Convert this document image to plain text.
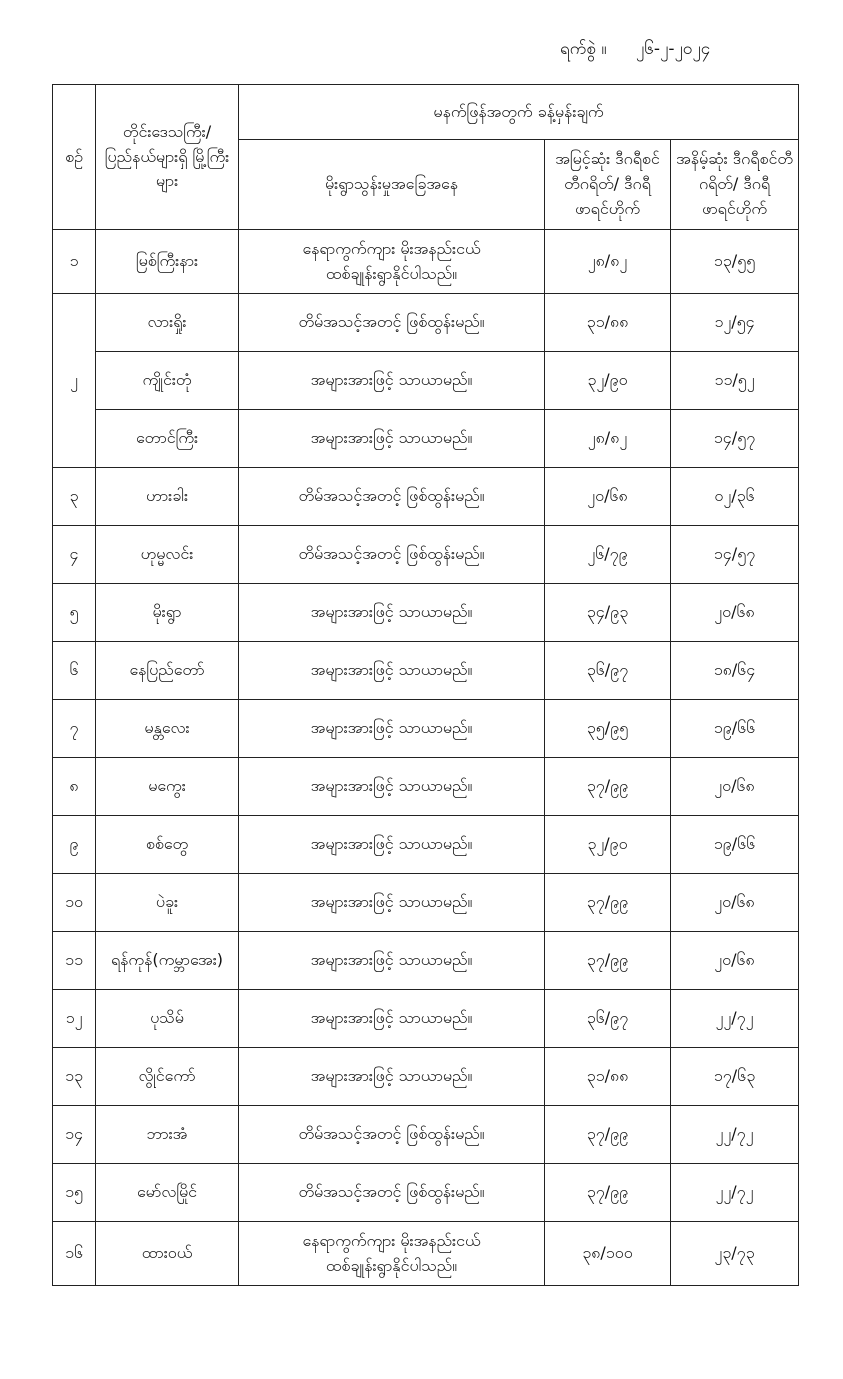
ရက်စွဲ ။ ၂၆-၂-၂၀၂၄
စဉ်	တိုင်းဒေသကြီး/ ပြည်နယ်များရှိ မြို့ကြီးများ	မနက်ဖြန်အတွက် ခန့်မှန်းချက်		
		မိုးရွာသွန်းမှုအခြေအနေ	အမြင့်ဆုံး ဒီဂရီစင်တီဂရိတ်/ ဒီဂရီဖာရင်ဟိုက်	အနိမ့်ဆုံး ဒီဂရီစင်တီဂရိတ်/ ဒီဂရီဖာရင်ဟိုက်
၁	မြစ်ကြီးနား	နေရာကွက်ကျား မိုးအနည်းငယ်
ထစ်ချုန်းရွာနိုင်ပါသည်။	၂၈/၈၂	၁၃/၅၅
၂	လားရှိုး	တိမ်အသင့်အတင့် ဖြစ်ထွန်းမည်။	၃၁/၈၈	၁၂/၅၄
	ကျိုင်းတုံ	အများအားဖြင့် သာယာမည်။	၃၂/၉၀	၁၁/၅၂
	တောင်ကြီး	အများအားဖြင့် သာယာမည်။	၂၈/၈၂	၁၄/၅၇
၃	ဟားခါး	တိမ်အသင့်အတင့် ဖြစ်ထွန်းမည်။	၂၀/၆၈	၀၂/၃၆
၄	ဟုမ္မလင်း	တိမ်အသင့်အတင့် ဖြစ်ထွန်းမည်။	၂၆/၇၉	၁၄/၅၇
၅	မိုးရွာ	အများအားဖြင့် သာယာမည်။	၃၄/၉၃	၂၀/၆၈
၆	နေပြည်တော်	အများအားဖြင့် သာယာမည်။	၃၆/၉၇	၁၈/၆၄
၇	မန္တလေး	အများအားဖြင့် သာယာမည်။	၃၅/၉၅	၁၉/၆၆
၈	မကွေး	အများအားဖြင့် သာယာမည်။	၃၇/၉၉	၂၀/၆၈
၉	စစ်တွေ	အများအားဖြင့် သာယာမည်။	၃၂/၉၀	၁၉/၆၆
၁၀	ပဲခူး	အများအားဖြင့် သာယာမည်။	၃၇/၉၉	၂၀/၆၈
၁၁	ရန်ကုန်(ကမ္ဘာအေး)	အများအားဖြင့် သာယာမည်။	၃၇/၉၉	၂၀/၆၈
၁၂	ပုသိမ်	အများအားဖြင့် သာယာမည်။	၃၆/၉၇	၂၂/၇၂
၁၃	လွိုင်ကော်	အများအားဖြင့် သာယာမည်။	၃၁/၈၈	၁၇/၆၃
၁၄	ဘားအံ	တိမ်အသင့်အတင့် ဖြစ်ထွန်းမည်။	၃၇/၉၉	၂၂/၇၂
၁၅	မော်လမြိုင်	တိမ်အသင့်အတင့် ဖြစ်ထွန်းမည်။	၃၇/၉၉	၂၂/၇၂
၁၆	ထားဝယ်	နေရာကွက်ကျား မိုးအနည်းငယ်
ထစ်ချုန်းရွာနိုင်ပါသည်။	၃၈/၁၀၀	၂၃/၇၃
